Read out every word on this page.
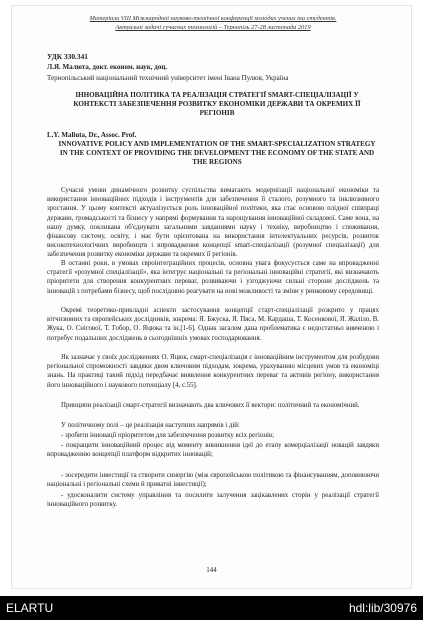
Матеріали VIII Міжнародної науково-технічної конференції молодих учених та студентів.
Актуальні задачі сучасних технологій – Тернопіль 27-28 листопада 2019
УДК 330.341
Л.Я. Малюта, докт. економ. наук, доц.
Тернопільський національний технічний університет імені Івана Пулюя, Україна
ІННОВАЦІЙНА ПОЛІТИКА ТА РЕАЛІЗАЦІЯ СТРАТЕГІЇ SMART-СПЕЦІАЛІЗАЦІЇ У КОНТЕКСТІ ЗАБЕЗПЕЧЕННЯ РОЗВИТКУ ЕКОНОМІКИ ДЕРЖАВИ ТА ОКРЕМИХ ЇЇ РЕГІОНІВ
L.Y. Maliuta, Dr., Assoc. Prof.
INNOVATIVE POLICY AND IMPLEMENTATION OF THE SMART-SPECIALIZATION STRATEGY IN THE CONTEXT OF PROVIDING THE DEVELOPMENT THE ECONOMY OF THE STATE AND THE REGIONS

Сучасні умови динамічного розвитку суспільства вимагають модернізації національної економіки та використання інноваційних підходів і інструментів для забезпечення її сталого, розумного та інклюзивного зростання. У цьому контексті актуалізується роль інноваційної політики, яка стає основою плідної співпраці держави, громадськості та бізнесу у напрямі формування та нарощування інноваційної складової. Саме вона, на нашу думку, покликана об'єднувати загальними завданнями науку і техніку, виробництво і споживання, фінансову систему, освіту, і має бути орієнтована на використання інтелектуальних ресурсів, розвиток високотехнологічних виробництв і впровадження концепції smart-спеціалізації (розумної спеціалізації) для забезпечення розвитку економіки держави та окремих її регіонів.

В останні роки, в умовах євроінтеграційних процесів, основна увага фокусується саме на впровадженні стратегії «розумної спеціалізації», яка інтегрує національні та регіональні інноваційні стратегії, які визначають пріоритети для створення конкурентних переваг, розвиваючи і узгоджуючи сильні сторони досліджень та інновацій з потребами бізнесу, щоб послідовно реагувати на нові можливості та зміни у ринковому середовищі.

Окремі теоретико-прикладні аспекти застосування концепції старт-спеціалізації розкрито у працях вітчизняних та європейських дослідників, зокрема: Я. Бжуска, Я. Пяса, М. Кардаша, Т. Косенкової, Я. Жаліло, В. Жука, О. Снігової, Т. Гобор, О. Яцюка та ін.[1-6]. Однак загалом дана проблематика є недостатньо вивченою і потребує подальших досліджень в сьогоднішніх умовах господарювання.

Як зазначає у своїх дослідженнях О. Яцюк, смарт-спеціалізація є інноваційним інструментом для розбудови регіональної спроможності завдяки двом ключовим підходам, зокрема, урахуванню місцевих умов та економіці знань. На практиці такий підхід передбачає виявлення конкурентних переваг та активів регіону, використання його інноваційного і наукового потенціалу [4, с.55].

Принципи реалізації смарт-стратегії визначають два ключових її вектори: політичний та економічний.

У політичному полі – це реалізація наступних напрямів і дій:

- зробити інновації пріоритетом для забезпечення розвитку всіх регіонів;

- покращити інноваційний процес від моменту виникнення ідеї до етапу комерціалізації новацій завдяки впровадженню концепції платформ відкритих інновацій;

- зосередити інвестиції та створити синергію (між європейською політикою та фінансуванням, доповнюючи національні і регіональні схеми й приватні інвестиції);

- удосконалити систему управління та посилити залучення зацікавлених сторін у реалізації стратегії інноваційного розвитку.

144
ELARTU	hdl:lib/30976
